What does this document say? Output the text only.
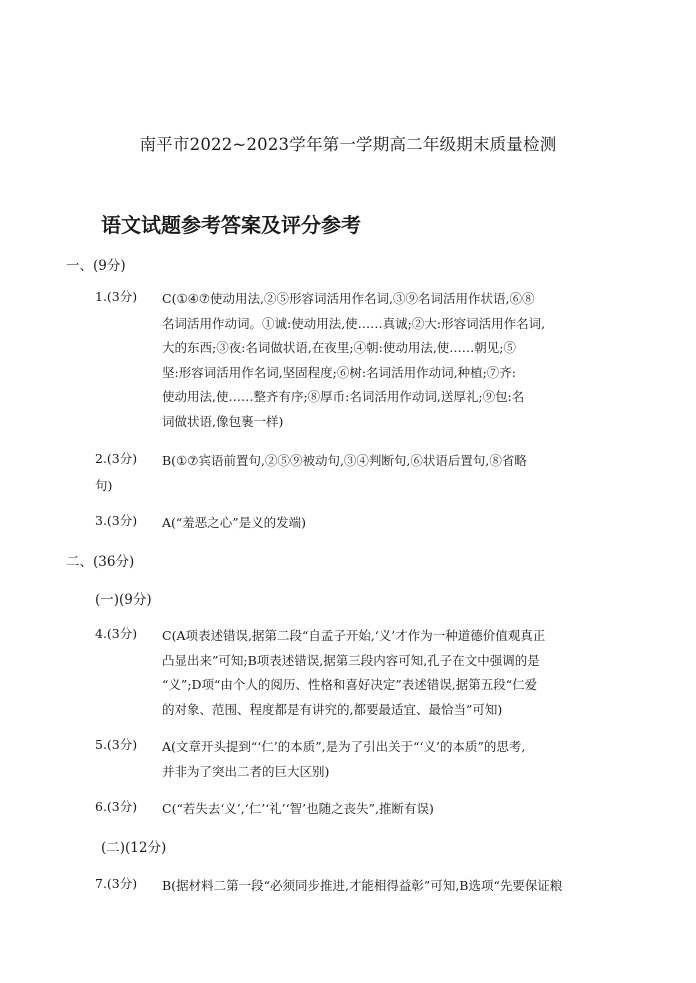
南平市2022~2023学年第一学期高二年级期末质量检测
语文试题参考答案及评分参考
一、(9分)
1.(3分) C(①④⑦使动用法,②⑤形容词活用作名词,③⑨名词活用作状语,⑥⑧
名词活用作动词。①诚:使动用法,使……真诚;②大:形容词活用作名词,
大的东西;③夜:名词做状语,在夜里;④朝:使动用法,使……朝见;⑤
坚:形容词活用作名词,坚固程度;⑥树:名词活用作动词,种植;⑦齐:
使动用法,使……整齐有序;⑧厚币:名词活用作动词,送厚礼;⑨包:名
词做状语,像包裹一样)
2.(3分) B(①⑦宾语前置句,②⑤⑨被动句,③④判断句,⑥状语后置句,⑧省略
句)
3.(3分) A(“羞恶之心”是义的发端)
二、(36分)
(一)(9分)
4.(3分) C(A项表述错误,据第二段“自孟子开始,‘义’才作为一种道德价值观真正
凸显出来”可知;B项表述错误,据第三段内容可知,孔子在文中强调的是
“义”;D项“由个人的阅历、性格和喜好决定”表述错误,据第五段“仁爱
的对象、范围、程度都是有讲究的,都要最适宜、最恰当”可知)
5.(3分) A(文章开头提到“‘仁’的本质”,是为了引出关于“‘义’的本质”的思考,
并非为了突出二者的巨大区别)
6.(3分) C(“若失去‘义’,‘仁’‘礼’‘智’也随之丧失”,推断有误)
(二)(12分)
7.(3分) B(据材料二第一段“必须同步推进,才能相得益彰”可知,B选项“先要保证粮
